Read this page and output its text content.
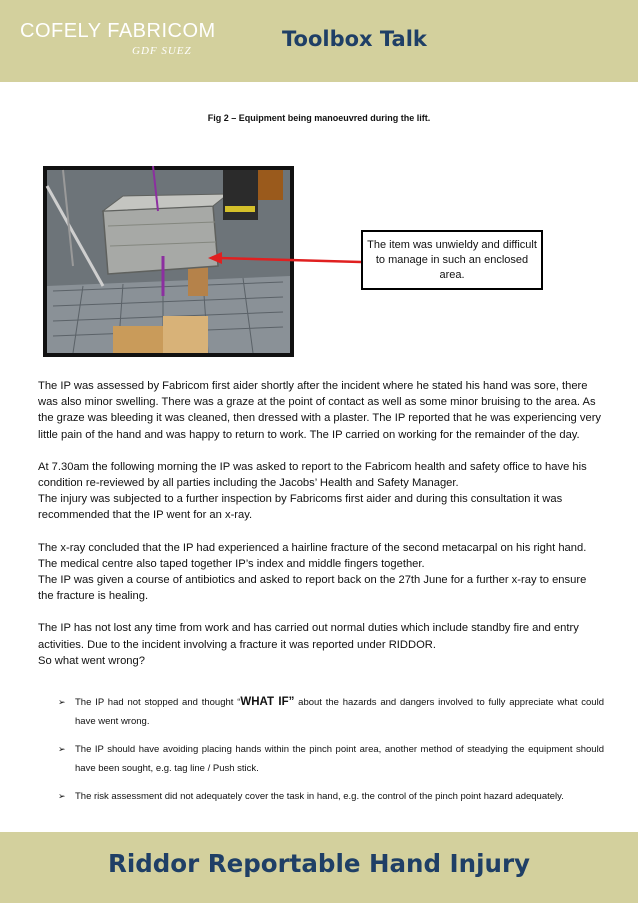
COFELY FABRICOM
GDF SUEZ	Toolbox Talk
Fig 2 – Equipment being manoeuvred during the lift.
The item was unwieldy and difficult to manage in such an enclosed area.

The IP was assessed by Fabricom first aider shortly after the incident where he stated his hand was sore, there was also minor swelling. There was a graze at the point of contact as well as some minor bruising to the area. As the graze was bleeding it was cleaned, then dressed with a plaster. The IP reported that he was experiencing very little pain of the hand and was happy to return to work. The IP carried on working for the remainder of the day.

At 7.30am the following morning the IP was asked to report to the Fabricom health and safety office to have his condition re-reviewed by all parties including the Jacobs’ Health and Safety Manager.

The injury was subjected to a further inspection by Fabricoms first aider and during this consultation it was recommended that the IP went for an x-ray.

The x-ray concluded that the IP had experienced a hairline fracture of the second metacarpal on his right hand. The medical centre also taped together IP’s index and middle fingers together.

The IP was given a course of antibiotics and asked to report back on the 27th June for a further x-ray to ensure the fracture is healing.

The IP has not lost any time from work and has carried out normal duties which include standby fire and entry activities. Due to the incident involving a fracture it was reported under RIDDOR.

So what went wrong?

➢ The IP had not stopped and thought “WHAT IF” about the hazards and dangers involved to fully appreciate what could have went wrong.
➢ The IP should have avoiding placing hands within the pinch point area, another method of steadying the equipment should have been sought, e.g. tag line / Push stick.
➢ The risk assessment did not adequately cover the task in hand, e.g. the control of the pinch point hazard adequately.
Riddor Reportable Hand Injury
